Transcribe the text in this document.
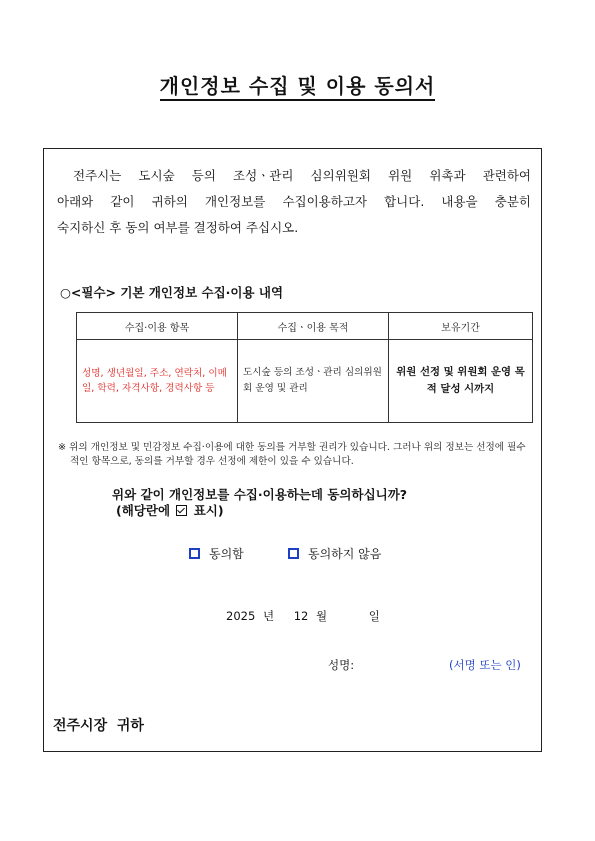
개인정보 수집 및 이용 동의서
전주시는 도시숲 등의 조성ㆍ관리 심의위원회 위원 위촉과 관련하여
아래와 같이 귀하의 개인정보를 수집이용하고자 합니다. 내용을 충분히
숙지하신 후 동의 여부를 결정하여 주십시오.
○<필수> 기본 개인정보 수집·이용 내역
수집·이용 항목	수집ㆍ이용 목적	보유기간
성명, 생년월일, 주소, 연락처, 이메일, 학력, 자격사항, 경력사항 등	도시숲 등의 조성ㆍ관리 심의위원회 운영 및 관리	위원 선정 및 위원회 운영 목적 달성 시까지
※ 위의 개인정보 및 민감정보 수집·이용에 대한 동의를 거부할 권리가 있습니다. 그러나 위의 정보는 선정에 필수적인 항목으로, 동의를 거부할 경우 선정에 제한이 있을 수 있습니다.
위와 같이 개인정보를 수집·이용하는데 동의하십니까?
(해당란에 표시)
동의함	동의하지 않음
2025 년 12 월	일
성명:	(서명 또는 인)
전주시장  귀하
